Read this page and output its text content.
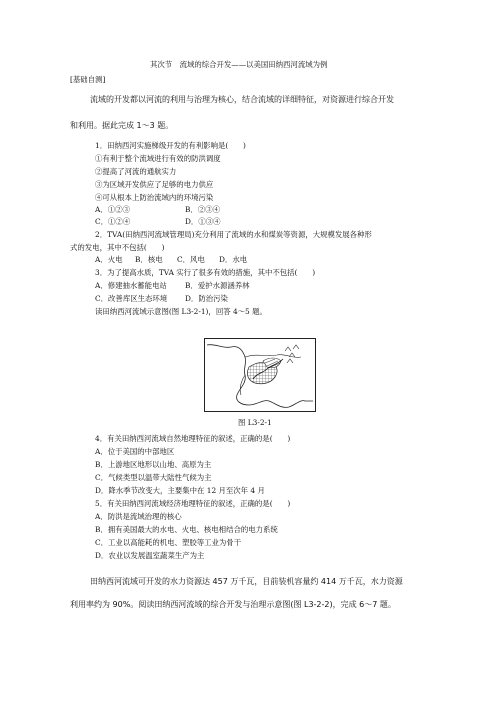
其次节　流域的综合开发——以美国田纳西河流域为例
[基础自测]
流域的开发都以河流的利用与治理为核心，结合流域的详细特征，对资源进行综合开发
和利用。据此完成 1～3 题。
1．田纳西河实施梯级开发的有利影响是(　　)
①有利于整个流域进行有效的防洪调度
②提高了河流的通航实力
③为区域开发供应了足够的电力供应
④可从根本上防治流域内的环境污染
A．①②③	B．②③④
C．①②④	D．①③④
2．TVA(田纳西河流域管理局)充分利用了流域的水和煤炭等资源，大规模发展各种形
式的发电，其中不包括(　　)
A．火电	B．核电	C．风电	D．水电
3．为了提高水质，TVA 实行了很多有效的措施，其中不包括(　　)
A．修建抽水蓄能电站	B．爱护水源涵养林
C．改善库区生态环境	D．防治污染
读田纳西河流域示意图(图 L3-2-1)，回答 4～5 题。
图 L3-2-1
4．有关田纳西河流域自然地理特征的叙述，正确的是(　　)
A．位于美国的中部地区
B．上游地区地形以山地、高原为主
C．气候类型以温带大陆性气候为主
D．降水季节改变大，主要集中在 12 月至次年 4 月
5．有关田纳西河流域经济地理特征的叙述，正确的是(　　)
A．防洪是流域治理的核心
B．拥有美国最大的水电、火电、核电相结合的电力系统
C．工业以高能耗的机电、塑胶等工业为骨干
D．农业以发展温室蔬菜生产为主
田纳西河流域可开发的水力资源达 457 万千瓦，目前装机容量约 414 万千瓦，水力资源
利用率约为 90%。阅读田纳西河流域的综合开发与治理示意图(图 L3-2-2)，完成 6～7 题。
